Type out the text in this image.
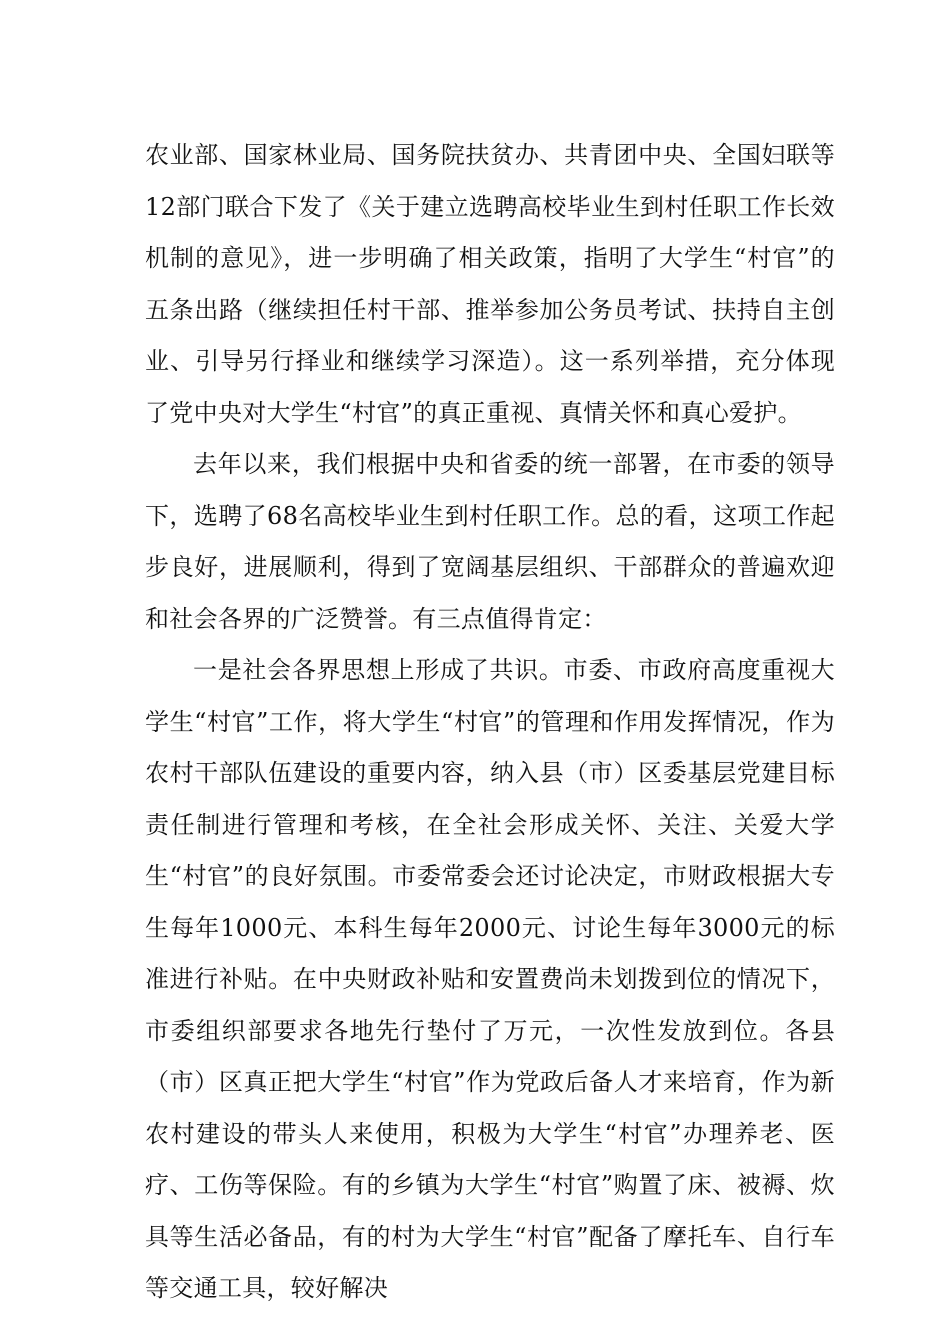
农业部、国家林业局、国务院扶贫办、共青团中央、全国妇联等12部门联合下发了《关于建立选聘高校毕业生到村任职工作长效机制的意见》，进一步明确了相关政策，指明了大学生“村官”的五条出路（继续担任村干部、推举参加公务员考试、扶持自主创业、引导另行择业和继续学习深造）。这一系列举措，充分体现了党中央对大学生“村官”的真正重视、真情关怀和真心爱护。

去年以来，我们根据中央和省委的统一部署，在市委的领导下，选聘了68名高校毕业生到村任职工作。总的看，这项工作起步良好，进展顺利，得到了宽阔基层组织、干部群众的普遍欢迎和社会各界的广泛赞誉。有三点值得肯定：

一是社会各界思想上形成了共识。市委、市政府高度重视大学生“村官”工作，将大学生“村官”的管理和作用发挥情况，作为农村干部队伍建设的重要内容，纳入县（市）区委基层党建目标责任制进行管理和考核，在全社会形成关怀、关注、关爱大学生“村官”的良好氛围。市委常委会还讨论决定，市财政根据大专生每年1000元、本科生每年2000元、讨论生每年3000元的标准进行补贴。在中央财政补贴和安置费尚未划拨到位的情况下，市委组织部要求各地先行垫付了万元，一次性发放到位。各县（市）区真正把大学生“村官”作为党政后备人才来培育，作为新农村建设的带头人来使用，积极为大学生“村官”办理养老、医疗、工伤等保险。有的乡镇为大学生“村官”购置了床、被褥、炊具等生活必备品，有的村为大学生“村官”配备了摩托车、自行车等交通工具，较好解决
